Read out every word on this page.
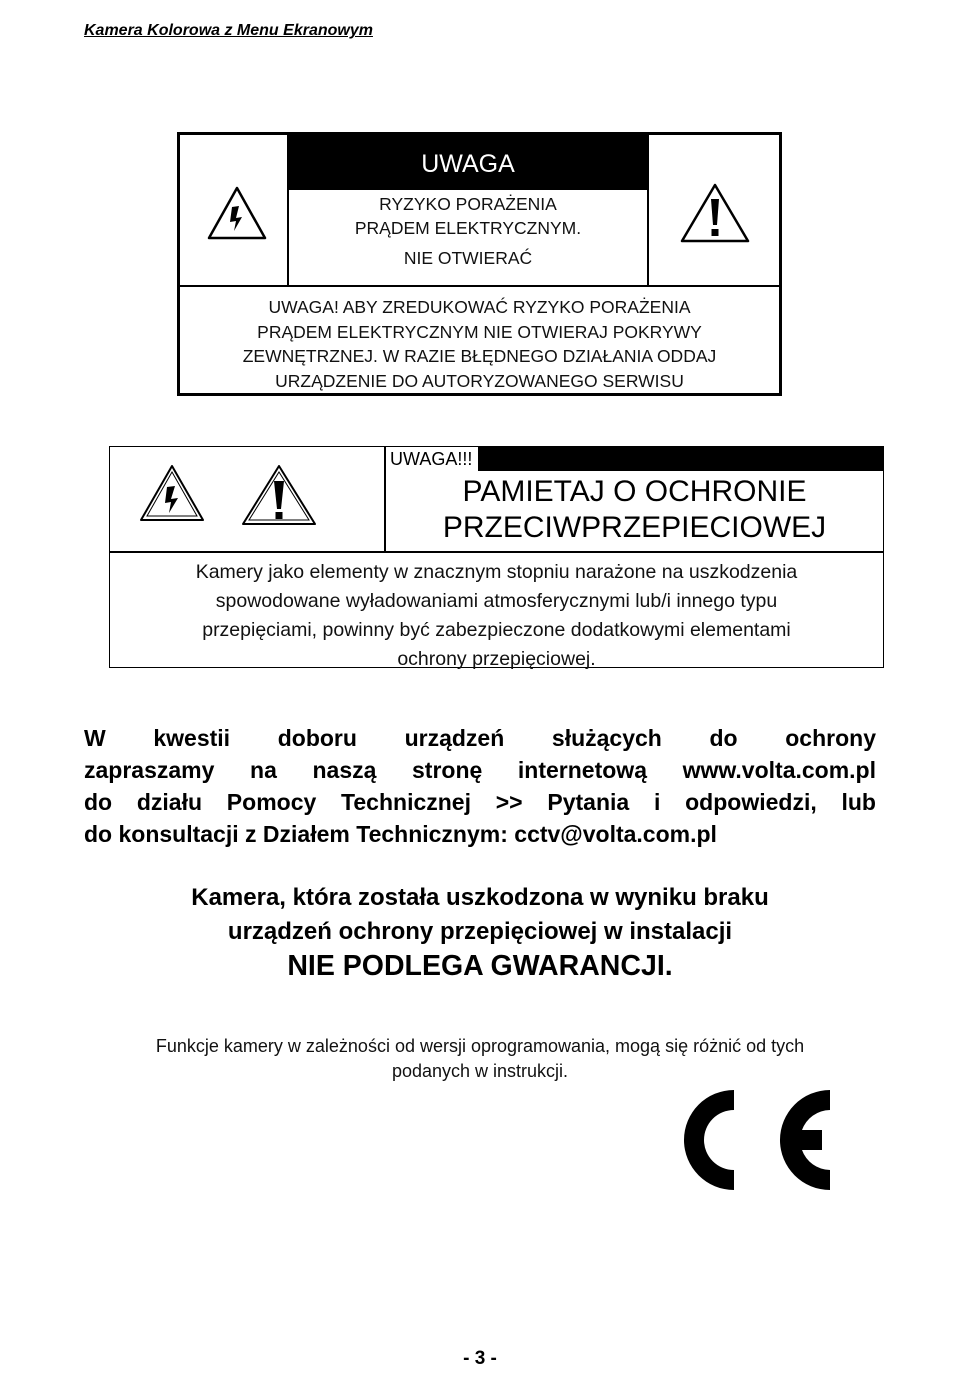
Kamera Kolorowa z Menu Ekranowym
UWAGA
RYZYKO PORAŻENIA
PRĄDEM ELEKTRYCZNYM.
NIE OTWIERAĆ
UWAGA! ABY ZREDUKOWAĆ RYZYKO PORAŻENIA
PRĄDEM ELEKTRYCZNYM NIE OTWIERAJ POKRYWY
ZEWNĘTRZNEJ. W RAZIE BŁĘDNEGO DZIAŁANIA ODDAJ
URZĄDZENIE DO AUTORYZOWANEGO SERWISU
UWAGA!!!
PAMIETAJ O OCHRONIE
PRZECIWPRZEPIECIOWEJ
Kamery jako elementy w znacznym stopniu narażone na uszkodzenia
spowodowane wyładowaniami atmosferycznymi lub/i innego typu
przepięciami, powinny być zabezpieczone dodatkowymi elementami
ochrony przepięciowej.
W kwestii doboru urządzeń służących do ochrony
zapraszamy na naszą stronę internetową www.volta.com.pl
do działu Pomocy Technicznej >> Pytania i odpowiedzi, lub
do konsultacji z Działem Technicznym: cctv@volta.com.pl
Kamera, która została uszkodzona w wyniku braku
urządzeń ochrony przepięciowej w instalacji
NIE PODLEGA GWARANCJI.
Funkcje kamery w zależności od wersji oprogramowania, mogą się różnić od tych
podanych w instrukcji.
- 3 -
